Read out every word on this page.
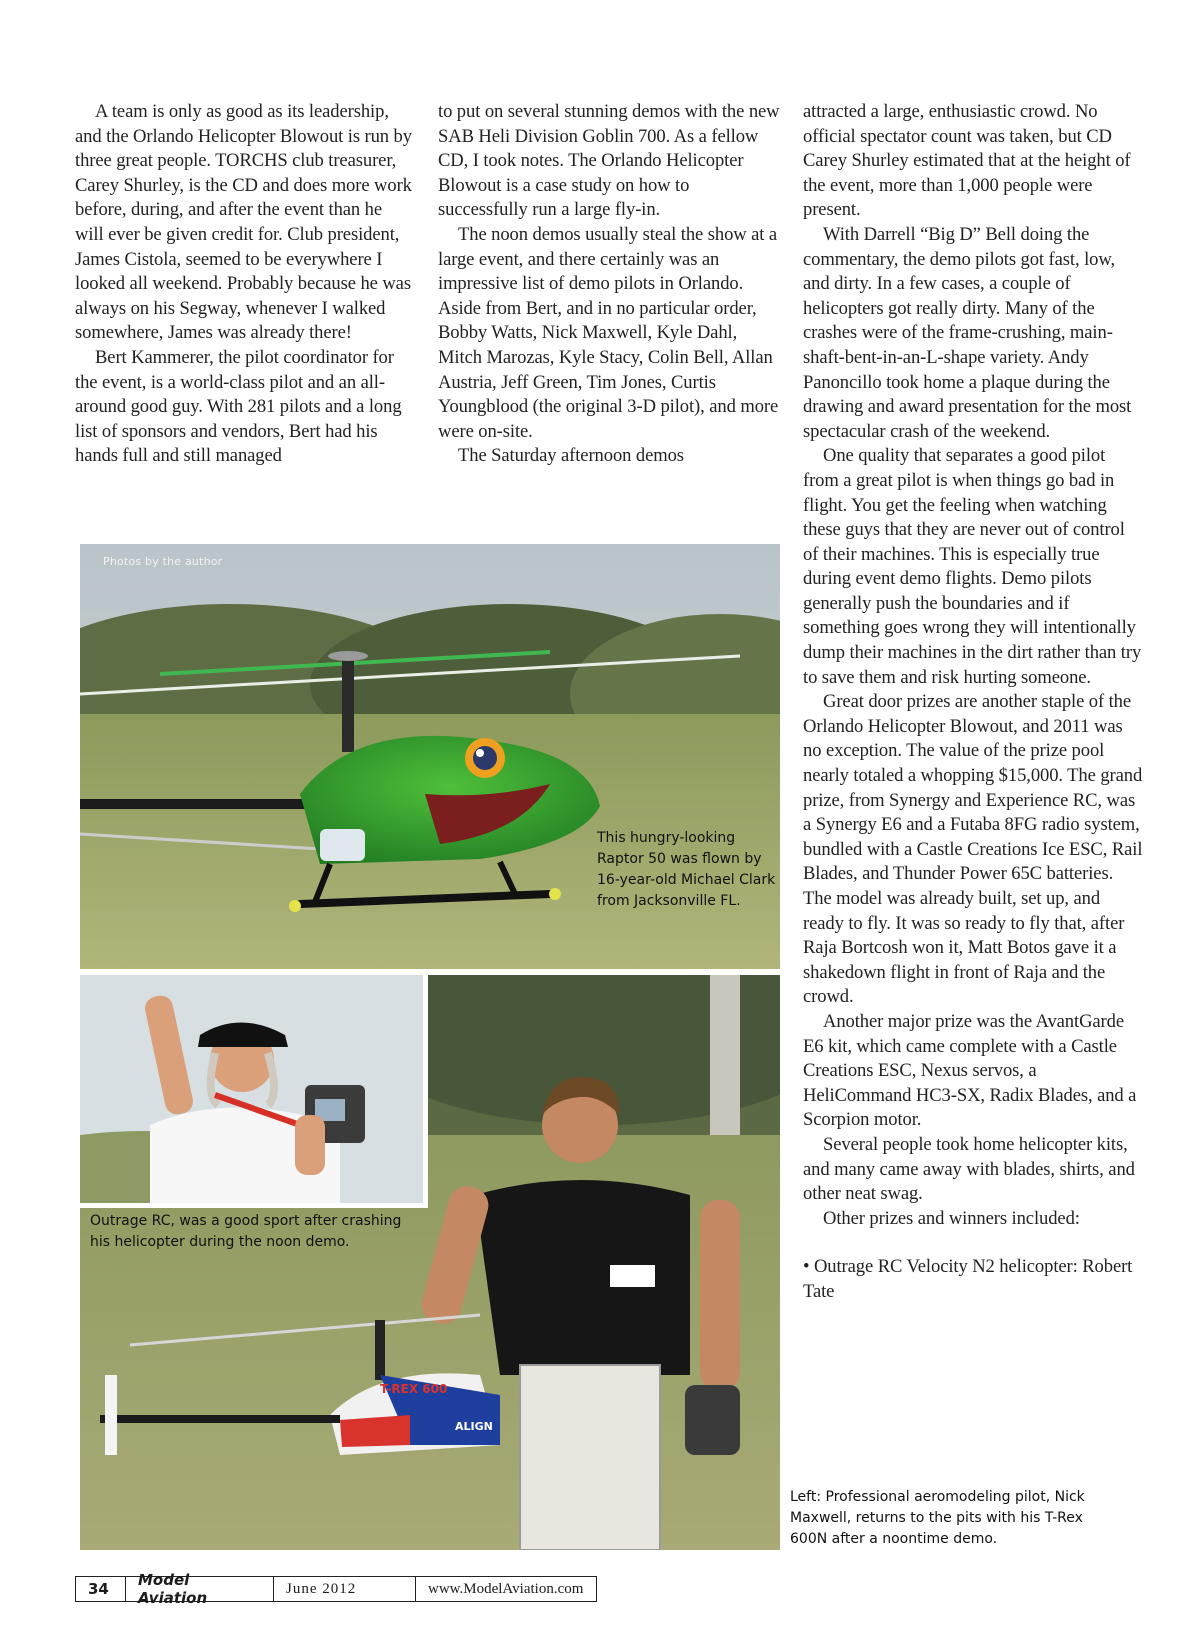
A team is only as good as its leadership, and the Orlando Helicopter Blowout is run by three great people. TORCHS club treasurer, Carey Shurley, is the CD and does more work before, during, and after the event than he will ever be given credit for. Club president, James Cistola, seemed to be everywhere I looked all weekend. Probably because he was always on his Segway, whenever I walked somewhere, James was already there!

Bert Kammerer, the pilot coordinator for the event, is a world-class pilot and an all-around good guy. With 281 pilots and a long list of sponsors and vendors, Bert had his hands full and still managed

to put on several stunning demos with the new SAB Heli Division Goblin 700. As a fellow CD, I took notes. The Orlando Helicopter Blowout is a case study on how to successfully run a large fly-in.

The noon demos usually steal the show at a large event, and there certainly was an impressive list of demo pilots in Orlando. Aside from Bert, and in no particular order, Bobby Watts, Nick Maxwell, Kyle Dahl, Mitch Marozas, Kyle Stacy, Colin Bell, Allan Austria, Jeff Green, Tim Jones, Curtis Youngblood (the original 3-D pilot), and more were on-site.

The Saturday afternoon demos

attracted a large, enthusiastic crowd. No official spectator count was taken, but CD Carey Shurley estimated that at the height of the event, more than 1,000 people were present.

With Darrell “Big D” Bell doing the commentary, the demo pilots got fast, low, and dirty. In a few cases, a couple of helicopters got really dirty. Many of the crashes were of the frame-crushing, main-shaft-bent-in-an-L-shape variety. Andy Panoncillo took home a plaque during the drawing and award presentation for the most spectacular crash of the weekend.

One quality that separates a good pilot from a great pilot is when things go bad in flight. You get the feeling when watching these guys that they are never out of control of their machines. This is especially true during event demo flights. Demo pilots generally push the boundaries and if something goes wrong they will intentionally dump their machines in the dirt rather than try to save them and risk hurting someone.

Great door prizes are another staple of the Orlando Helicopter Blowout, and 2011 was no exception. The value of the prize pool nearly totaled a whopping $15,000. The grand prize, from Synergy and Experience RC, was a Synergy E6 and a Futaba 8FG radio system, bundled with a Castle Creations Ice ESC, Rail Blades, and Thunder Power 65C batteries. The model was already built, set up, and ready to fly. It was so ready to fly that, after Raja Bortcosh won it, Matt Botos gave it a shakedown flight in front of Raja and the crowd.

Another major prize was the AvantGarde E6 kit, which came complete with a Castle Creations ESC, Nexus servos, a HeliCommand HC3-SX, Radix Blades, and a Scorpion motor.

Several people took home helicopter kits, and many came away with blades, shirts, and other neat swag.

Other prizes and winners included:

• Outrage RC Velocity N2 helicopter: Robert Tate

This hungry-looking Raptor 50 was flown by 16-year-old Michael Clark from Jacksonville FL.
Photos by the author
T-REX 600
ALIGN
Outrage RC, was a good sport after crashing his helicopter during the noon demo.
Left: Professional aeromodeling pilot, Nick Maxwell, returns to the pits with his T-Rex 600N after a noontime demo.
34	Model Aviation
June 2012	www.ModelAviation.com
